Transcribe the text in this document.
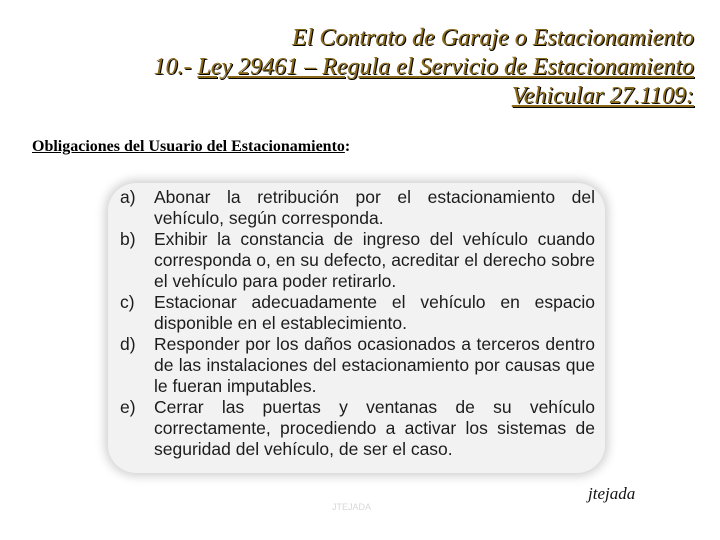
El Contrato de Garaje o Estacionamiento
10.- Ley 29461 – Regula el Servicio de Estacionamiento
Vehicular 27.1109:
Obligaciones del Usuario del Estacionamiento:
a)	Abonar la retribución por el estacionamiento del vehículo, según corresponda.
b)	Exhibir la constancia de ingreso del vehículo cuando corresponda o, en su defecto, acreditar el derecho sobre el vehículo para poder retirarlo.
c)	Estacionar adecuadamente el vehículo en espacio disponible en el establecimiento.
d)	Responder por los daños ocasionados a terceros dentro de las instalaciones del estacionamiento por causas que le fueran imputables.
e)	Cerrar las puertas y ventanas de su vehículo correctamente, procediendo a activar los sistemas de seguridad del vehículo, de ser el caso.
JTEJADA
jtejada
